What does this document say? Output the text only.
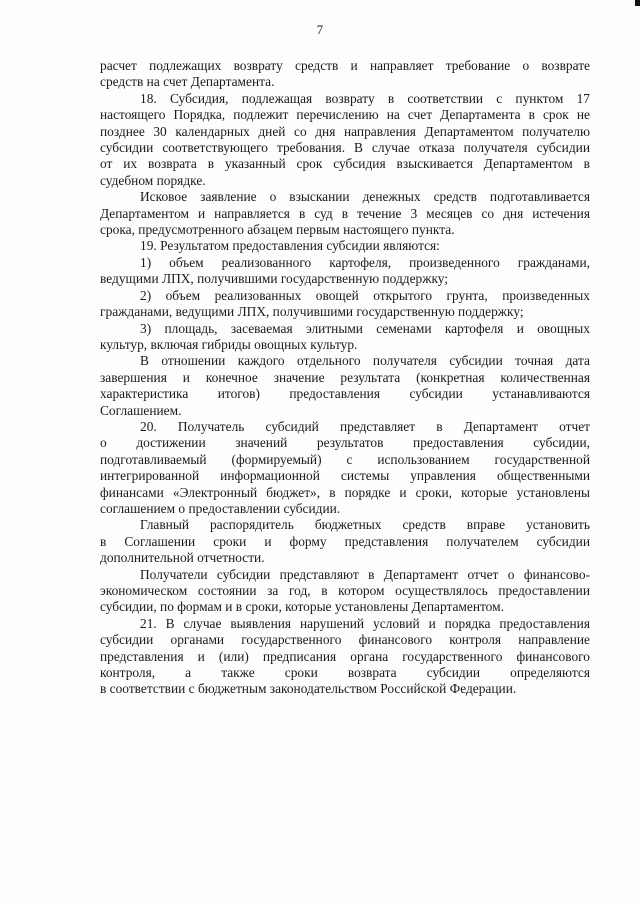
7

расчет подлежащих возврату средств и направляет требование о возврате
средств на счет Департамента.

18. Субсидия, подлежащая возврату в соответствии с пунктом 17
настоящего Порядка, подлежит перечислению на счет Департамента в срок не
позднее 30 календарных дней со дня направления Департаментом получателю
субсидии соответствующего требования. В случае отказа получателя субсидии
от их возврата в указанный срок субсидия взыскивается Департаментом в
судебном порядке.

Исковое заявление о взыскании денежных средств подготавливается
Департаментом и направляется в суд в течение 3 месяцев со дня истечения
срока, предусмотренного абзацем первым настоящего пункта.

19. Результатом предоставления субсидии являются:

1) объем реализованного картофеля, произведенного гражданами,
ведущими ЛПХ, получившими государственную поддержку;

2) объем реализованных овощей открытого грунта, произведенных
гражданами, ведущими ЛПХ, получившими государственную поддержку;

3) площадь, засеваемая элитными семенами картофеля и овощных
культур, включая гибриды овощных культур.

В отношении каждого отдельного получателя субсидии точная дата
завершения и конечное значение результата (конкретная количественная
характеристика итогов) предоставления субсидии устанавливаются
Соглашением.

20. Получатель субсидий представляет в Департамент отчет
о достижении значений результатов предоставления субсидии,
подготавливаемый (формируемый) с использованием государственной
интегрированной информационной системы управления общественными
финансами «Электронный бюджет», в порядке и сроки, которые установлены
соглашением о предоставлении субсидии.

Главный распорядитель бюджетных средств вправе установить
в Соглашении сроки и форму представления получателем субсидии
дополнительной отчетности.

Получатели субсидии представляют в Департамент отчет о финансово-
экономическом состоянии за год, в котором осуществлялось предоставлении
субсидии, по формам и в сроки, которые установлены Департаментом.

21. В случае выявления нарушений условий и порядка предоставления
субсидии органами государственного финансового контроля направление
представления и (или) предписания органа государственного финансового
контроля, а также сроки возврата субсидии определяются
в соответствии с бюджетным законодательством Российской Федерации.
